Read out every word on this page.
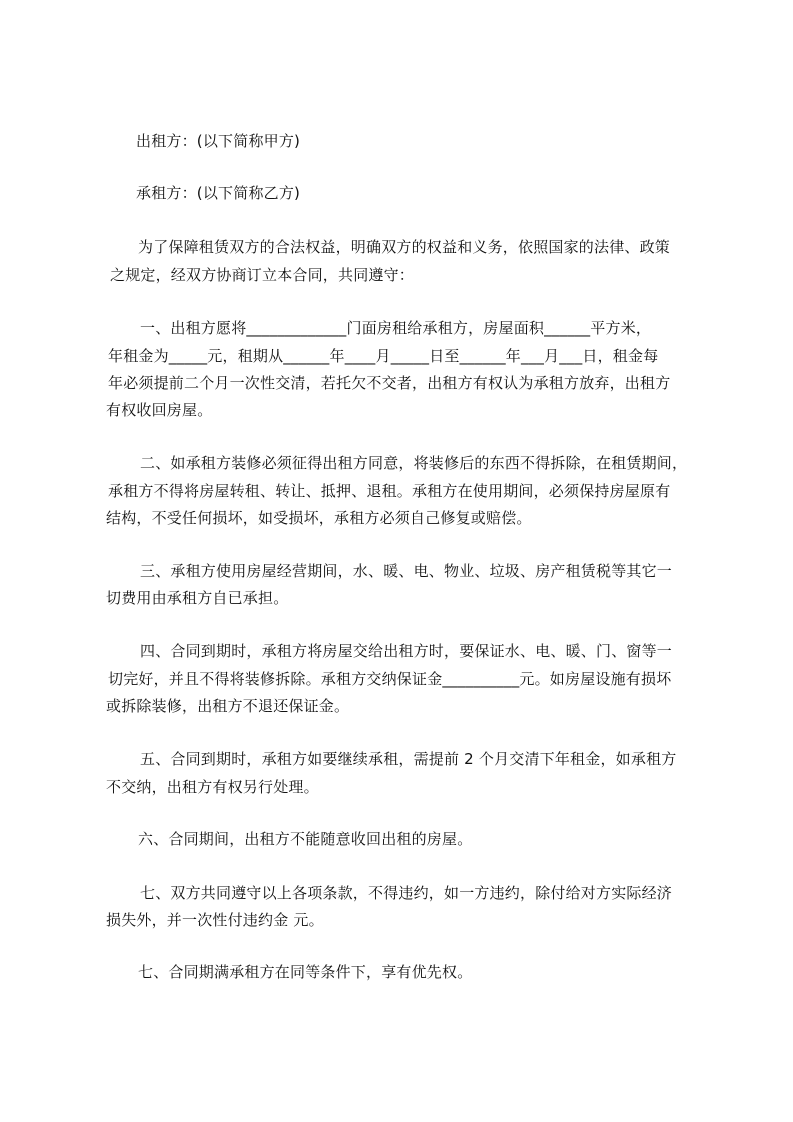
出租方：(以下简称甲方)

承租方：(以下简称乙方)

为了保障租赁双方的合法权益，明确双方的权益和义务，依照国家的法律、政策

之规定，经双方协商订立本合同，共同遵守：

一、出租方愿将_____________门面房租给承租方，房屋面积______平方米，

年租金为_____元，租期从______年____月_____日至______年___月___日，租金每

年必须提前二个月一次性交清，若托欠不交者，出租方有权认为承租方放弃，出租方

有权收回房屋。

二、如承租方装修必须征得出租方同意，将装修后的东西不得拆除，在租赁期间，

承租方不得将房屋转租、转让、抵押、退租。承租方在使用期间，必须保持房屋原有

结构，不受任何损坏，如受损坏，承租方必须自己修复或赔偿。

三、承租方使用房屋经营期间，水、暖、电、物业、垃圾、房产租赁税等其它一

切费用由承租方自已承担。

四、合同到期时，承租方将房屋交给出租方时，要保证水、电、暖、门、窗等一

切完好，并且不得将装修拆除。承租方交纳保证金__________元。如房屋设施有损坏

或拆除装修，出租方不退还保证金。

五、合同到期时，承租方如要继续承租，需提前 2 个月交清下年租金，如承租方

不交纳，出租方有权另行处理。

六、合同期间，出租方不能随意收回出租的房屋。

七、双方共同遵守以上各项条款，不得违约，如一方违约，除付给对方实际经济

损失外，并一次性付违约金 元。

七、合同期满承租方在同等条件下，享有优先权。
